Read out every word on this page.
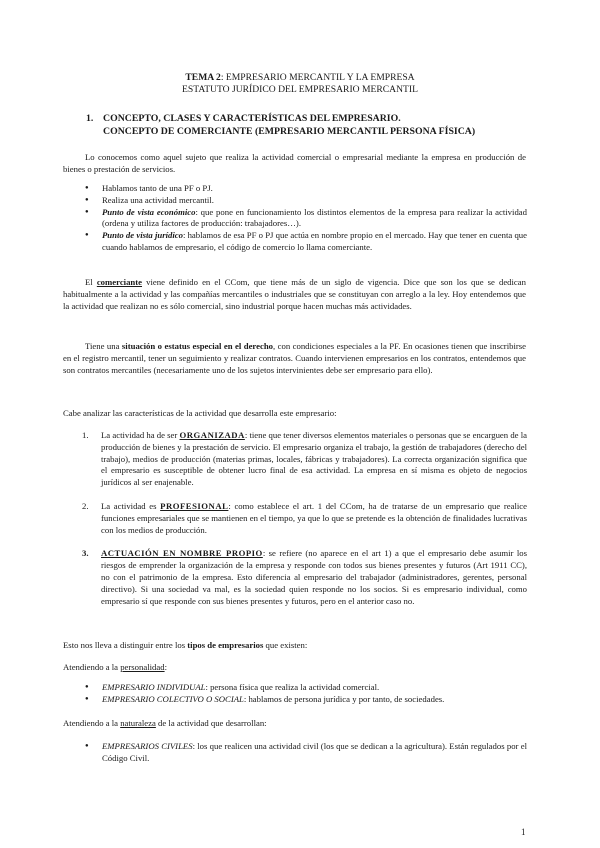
TEMA 2: EMPRESARIO MERCANTIL Y LA EMPRESA
ESTATUTO JURÍDICO DEL EMPRESARIO MERCANTIL
1. CONCEPTO, CLASES Y CARACTERÍSTICAS DEL EMPRESARIO.
CONCEPTO DE COMERCIANTE (EMPRESARIO MERCANTIL PERSONA FÍSICA)
Lo conocemos como aquel sujeto que realiza la actividad comercial o empresarial mediante la empresa en producción de bienes o prestación de servicios.
● Hablamos tanto de una PF o PJ.
● Realiza una actividad mercantil.
● Punto de vista económico: que pone en funcionamiento los distintos elementos de la empresa para realizar la actividad (ordena y utiliza factores de producción: trabajadores…).
● Punto de vista jurídico: hablamos de esa PF o PJ que actúa en nombre propio en el mercado. Hay que tener en cuenta que cuando hablamos de empresario, el código de comercio lo llama comerciante.
El comerciante viene definido en el CCom, que tiene más de un siglo de vigencia. Dice que son los que se dedican habitualmente a la actividad y las compañías mercantiles o industriales que se constituyan con arreglo a la ley. Hoy entendemos que la actividad que realizan no es sólo comercial, sino industrial porque hacen muchas más actividades.
Tiene una situación o estatus especial en el derecho, con condiciones especiales a la PF. En ocasiones tienen que inscribirse en el registro mercantil, tener un seguimiento y realizar contratos. Cuando intervienen empresarios en los contratos, entendemos que son contratos mercantiles (necesariamente uno de los sujetos intervinientes debe ser empresario para ello).
Cabe analizar las características de la actividad que desarrolla este empresario:
1. La actividad ha de ser ORGANIZADA: tiene que tener diversos elementos materiales o personas que se encarguen de la producción de bienes y la prestación de servicio. El empresario organiza el trabajo, la gestión de trabajadores (derecho del trabajo), medios de producción (materias primas, locales, fábricas y trabajadores). La correcta organización significa que el empresario es susceptible de obtener lucro final de esa actividad. La empresa en sí misma es objeto de negocios jurídicos al ser enajenable.
2. La actividad es PROFESIONAL: como establece el art. 1 del CCom, ha de tratarse de un empresario que realice funciones empresariales que se mantienen en el tiempo, ya que lo que se pretende es la obtención de finalidades lucrativas con los medios de producción.
3. ACTUACIÓN EN NOMBRE PROPIO: se refiere (no aparece en el art 1) a que el empresario debe asumir los riesgos de emprender la organización de la empresa y responde con todos sus bienes presentes y futuros (Art 1911 CC), no con el patrimonio de la empresa. Esto diferencia al empresario del trabajador (administradores, gerentes, personal directivo). Si una sociedad va mal, es la sociedad quien responde no los socios. Si es empresario individual, como empresario sí que responde con sus bienes presentes y futuros, pero en el anterior caso no.
Esto nos lleva a distinguir entre los tipos de empresarios que existen:
Atendiendo a la personalidad:
● EMPRESARIO INDIVIDUAL: persona física que realiza la actividad comercial.
● EMPRESARIO COLECTIVO O SOCIAL: hablamos de persona jurídica y por tanto, de sociedades.
Atendiendo a la naturaleza de la actividad que desarrollan:
● EMPRESARIOS CIVILES: los que realicen una actividad civil (los que se dedican a la agricultura). Están regulados por el Código Civil.
1
